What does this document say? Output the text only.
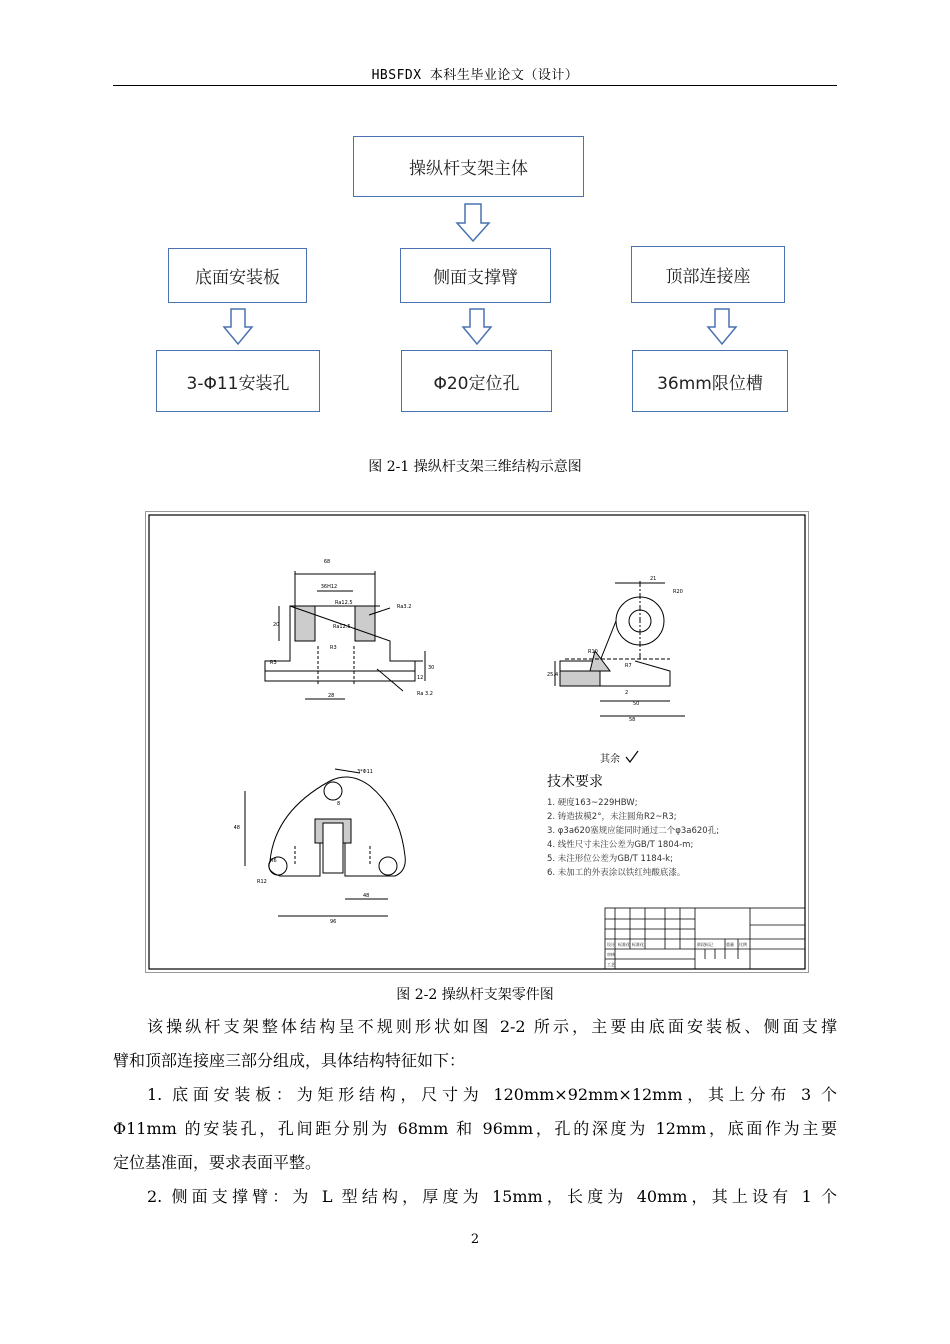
HBSFDX 本科生毕业论文（设计）
操纵杆支架主体
底面安装板	侧面支撑臂	顶部连接座
3-Φ11安装孔	Φ20定位孔	36mm限位槽
图 2-1 操纵杆支架三维结构示意图
68
36H12
Ra12.5
Ra3.2
20	Ra12.5
R3
R3
30
12
28	Ra 3.2
21
R20
R10
R7
25.4
2
50
58
3*Φ11
8
48
R6
R12
48
96
其余
技术要求
1. 硬度163~229HBW;
2. 铸造拔模2°，未注圆角R2~R3;
3. φ3a620塞规应能同时通过二个φ3a620孔;
4. 线性尺寸未注公差为GB/T 1804-m;
5. 未注形位公差为GB/T 1184-k;
6. 未加工的外表涂以铁红纯酸底漆。
设计 标准化 标准化	阶段标记	重量 比例
审核
工艺
图 2-2 操纵杆支架零件图
该操纵杆支架整体结构呈不规则形状如图 2-2 所示，主要由底面安装板、侧面支撑
臂和顶部连接座三部分组成，具体结构特征如下：
1. 底面安装板：为矩形结构，尺寸为 120mm×92mm×12mm，其上分布 3 个
Φ11mm 的安装孔，孔间距分别为 68mm 和 96mm，孔的深度为 12mm，底面作为主要
定位基准面，要求表面平整。
2. 侧面支撑臂：为 L 型结构，厚度为 15mm，长度为 40mm，其上设有 1 个
2
